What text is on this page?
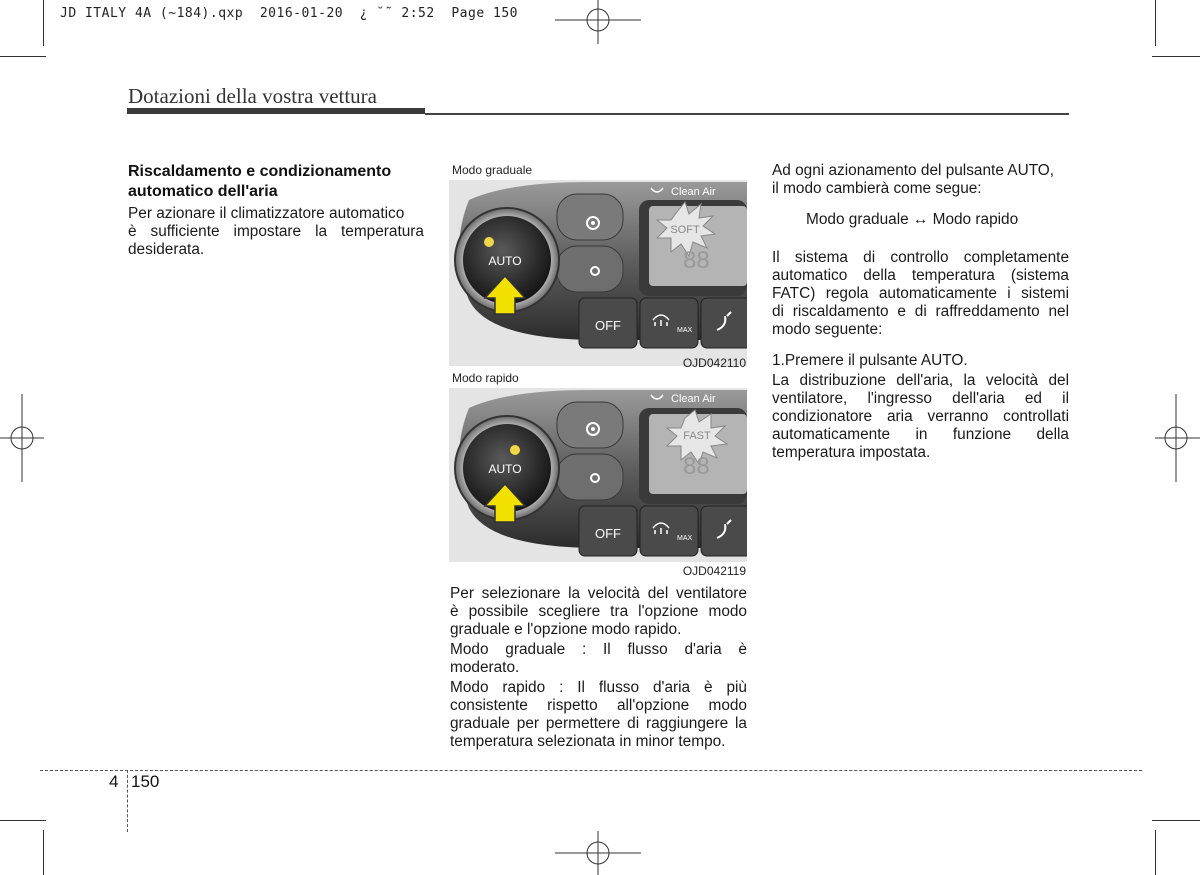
JD ITALY 4A (~184).qxp  2016-01-20  ¿ ˘˜ 2:52  Page 150
Dotazioni della vostra vettura
Riscaldamento e condizionamento
automatico dell'aria
Per azionare il climatizzatore automatico
è sufficiente impostare la temperatura
desiderata.
Modo graduale
SOFT
88
Clean Air
OFF	MAX
AUTO
OJD042110
Modo rapido
FAST
88
Clean Air
OFF	MAX
AUTO
OJD042119
Per selezionare la velocità del ventilatore
è possibile scegliere tra l'opzione modo
graduale e l'opzione modo rapido.
Modo graduale : Il flusso d'aria è
moderato.
Modo rapido : Il flusso d'aria è più
consistente rispetto all'opzione modo
graduale per permettere di raggiungere la
temperatura selezionata in minor tempo.
Ad ogni azionamento del pulsante AUTO,
il modo cambierà come segue:
Modo graduale ↔ Modo rapido
Il sistema di controllo completamente
automatico della temperatura (sistema
FATC) regola automaticamente i sistemi
di riscaldamento e di raffreddamento nel
modo seguente:
1.Premere il pulsante AUTO.
La distribuzione dell'aria, la velocità del
ventilatore, l'ingresso dell'aria ed il
condizionatore aria verranno controllati
automaticamente in funzione della
temperatura impostata.
4 150
